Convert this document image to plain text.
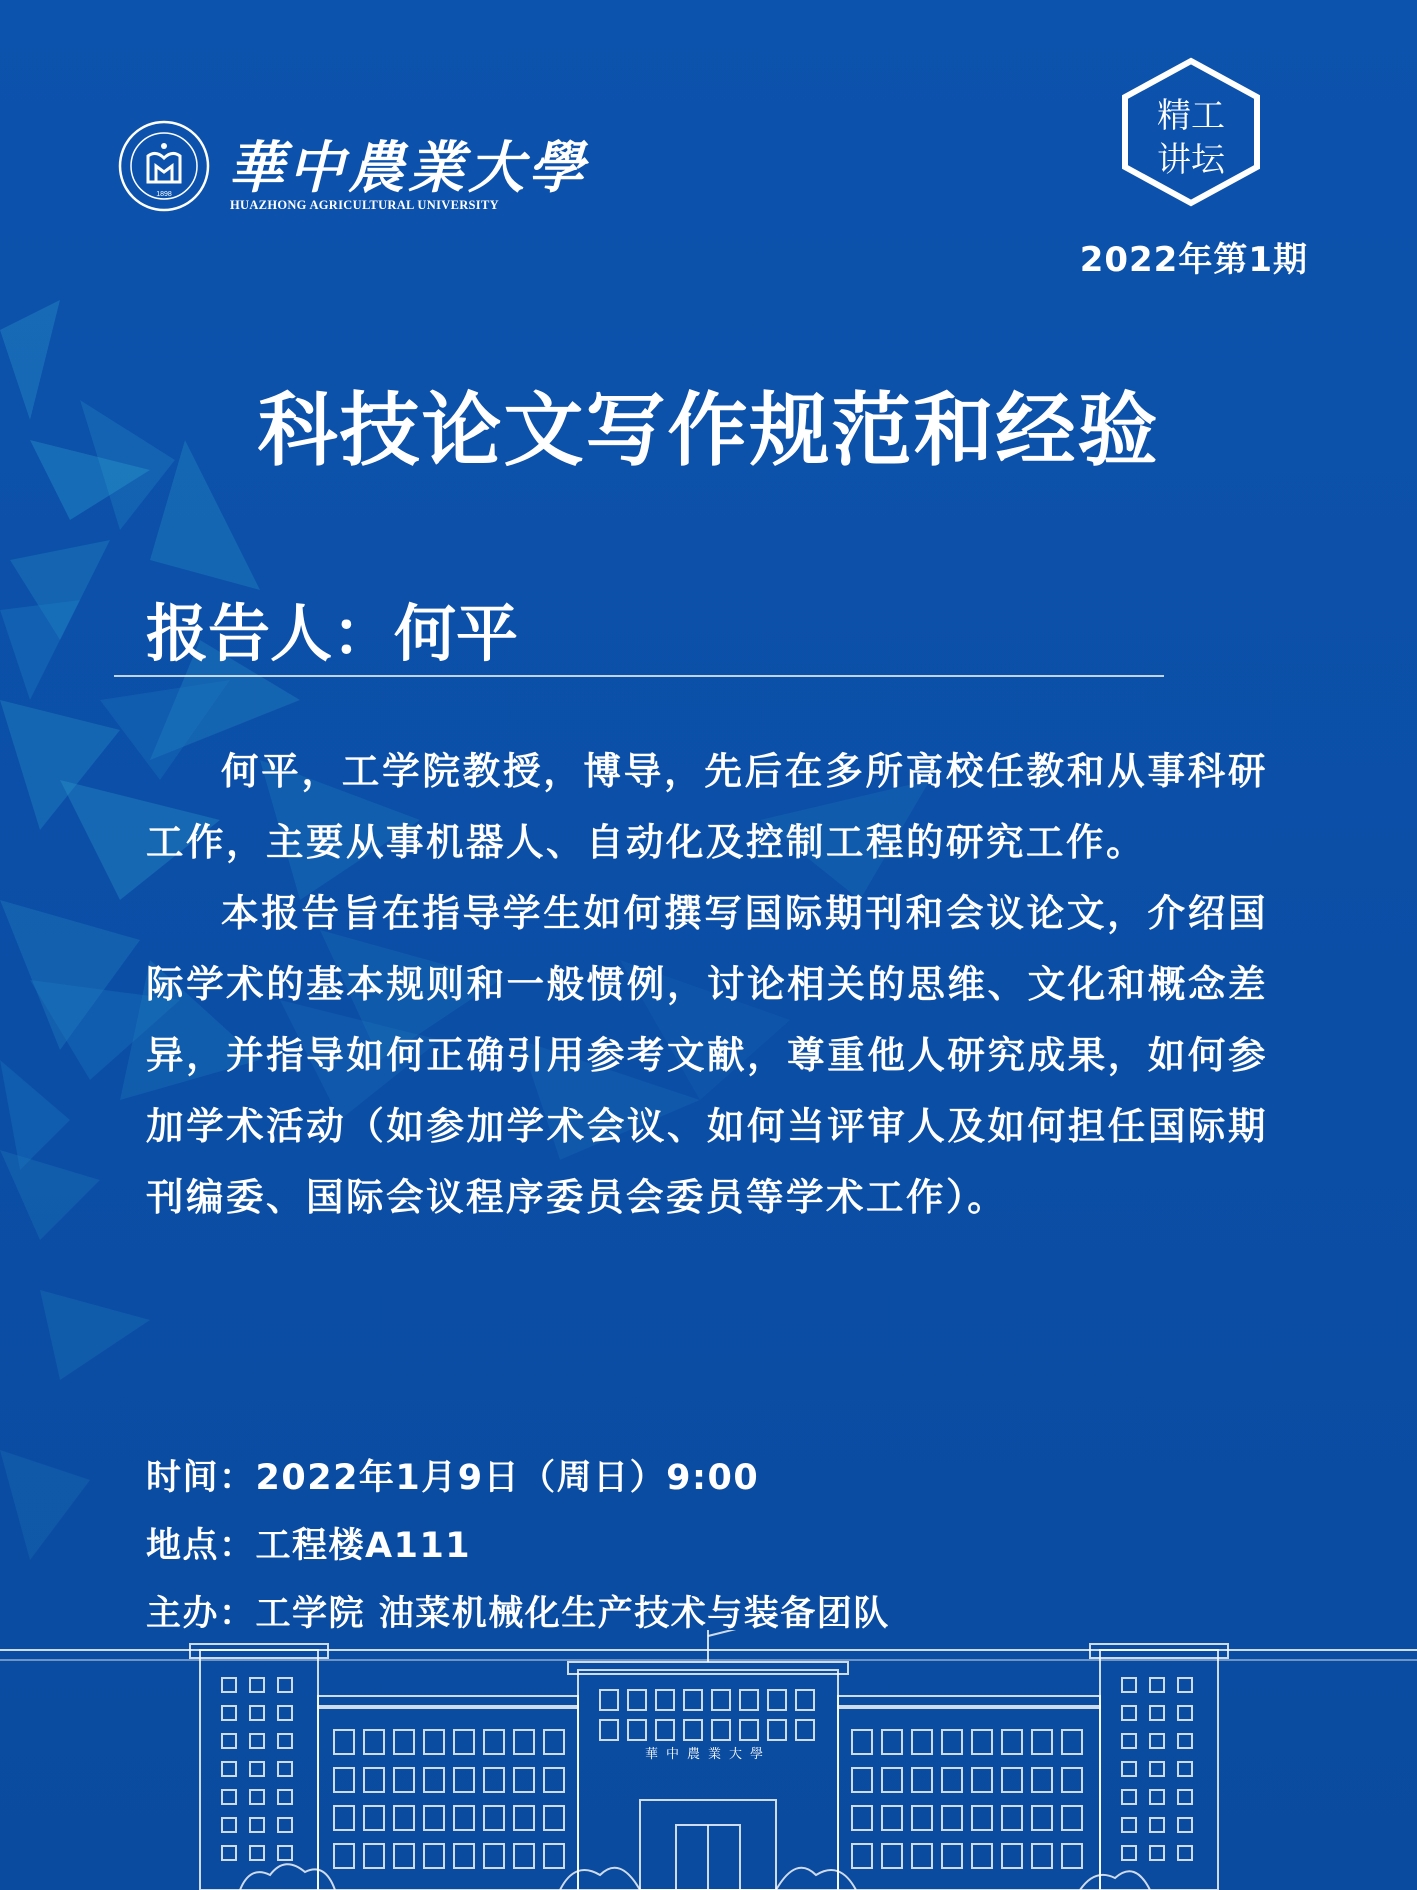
1898 華中農業大學
HUAZHONG AGRICULTURAL UNIVERSITY
精工
讲坛
2022年第1期
科技论文写作规范和经验
报告人：何平

何平，工学院教授，博导，先后在多所高校任教和从事科研工作，主要从事机器人、自动化及控制工程的研究工作。

本报告旨在指导学生如何撰写国际期刊和会议论文，介绍国际学术的基本规则和一般惯例，讨论相关的思维、文化和概念差异，并指导如何正确引用参考文献，尊重他人研究成果，如何参加学术活动（如参加学术会议、如何当评审人及如何担任国际期刊编委、国际会议程序委员会委员等学术工作）。

时间：2022年1月9日（周日）9:00
地点：工程楼A111
主办：工学院 油菜机械化生产技术与装备团队
華中農業大學
